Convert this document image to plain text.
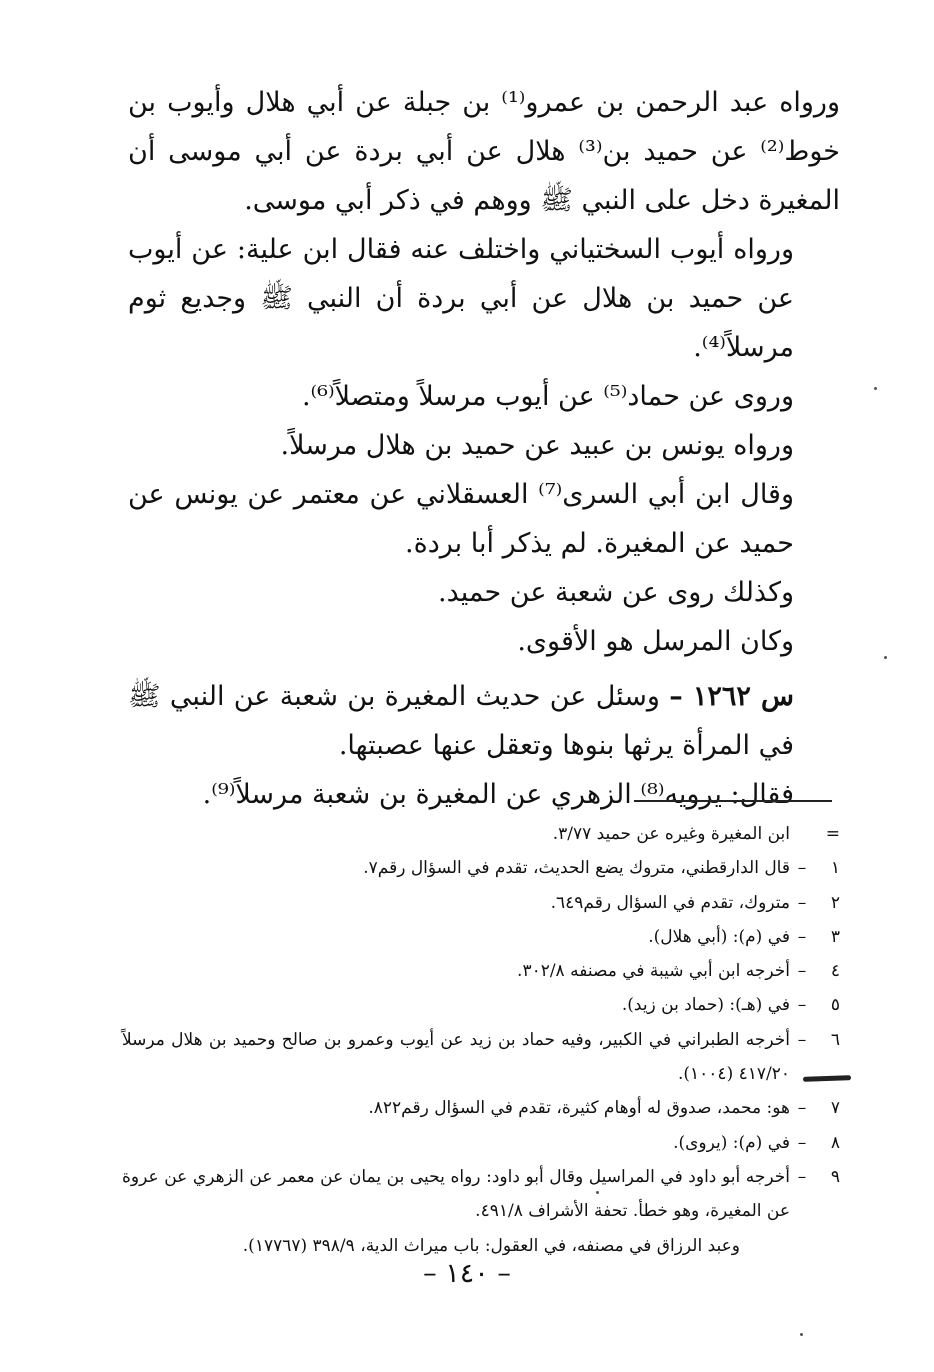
ورواه عبد الرحمن بن عمرو⁽¹⁾ بن جبلة عن أبي هلال وأيوب بن خوط⁽²⁾ عن حميد بن⁽³⁾ هلال عن أبي بردة عن أبي موسى أن المغيرة دخل على النبي ﷺ ووهم في ذكر أبي موسى.

ورواه أيوب السختياني واختلف عنه فقال ابن علية: عن أيوب عن حميد بن هلال عن أبي بردة أن النبي ﷺ وجديع ثوم مرسلاً⁽⁴⁾.

وروى عن حماد⁽⁵⁾ عن أيوب مرسلاً ومتصلاً⁽⁶⁾.

ورواه يونس بن عبيد عن حميد بن هلال مرسلاً.

وقال ابن أبي السرى⁽⁷⁾ العسقلاني عن معتمر عن يونس عن حميد عن المغيرة. لم يذكر أبا بردة.

وكذلك روى عن شعبة عن حميد.

وكان المرسل هو الأقوى.

س ١٢٦٢ – وسئل عن حديث المغيرة بن شعبة عن النبي ﷺ في المرأة يرثها بنوها وتعقل عنها عصبتها.

فقال: يرويه⁽⁸⁾ الزهري عن المغيرة بن شعبة مرسلاً⁽⁹⁾.

=
ابن المغيرة وغيره عن حميد ٣/٧٧.
١
–
قال الدارقطني، متروك يضع الحديث، تقدم في السؤال رقم٧.
٢
–
متروك، تقدم في السؤال رقم٦٤٩.
٣
–
في (م): (أبي هلال).
٤
–
أخرجه ابن أبي شيبة في مصنفه ٣٠٢/٨.
٥
–
في (هـ): (حماد بن زيد).
٦
–
أخرجه الطبراني في الكبير، وفيه حماد بن زيد عن أيوب وعمرو بن صالح وحميد بن هلال مرسلاً ٤١٧/٢٠ (١٠٠٤).
٧
–
هو: محمد، صدوق له أوهام كثيرة، تقدم في السؤال رقم٨٢٢.
٨
–
في (م): (يروى).
٩
–
أخرجه أبو داود في المراسيل وقال أبو داود: رواه يحيى بن يمان عن معمر عن الزهري عن عروة عن المغيرة، وهو خطأ. تحفة الأشراف ٤٩١/٨.
وعبد الرزاق في مصنفه، في العقول: باب ميراث الدية، ٣٩٨/٩ (١٧٧٦٧).
– ١٤٠ –
